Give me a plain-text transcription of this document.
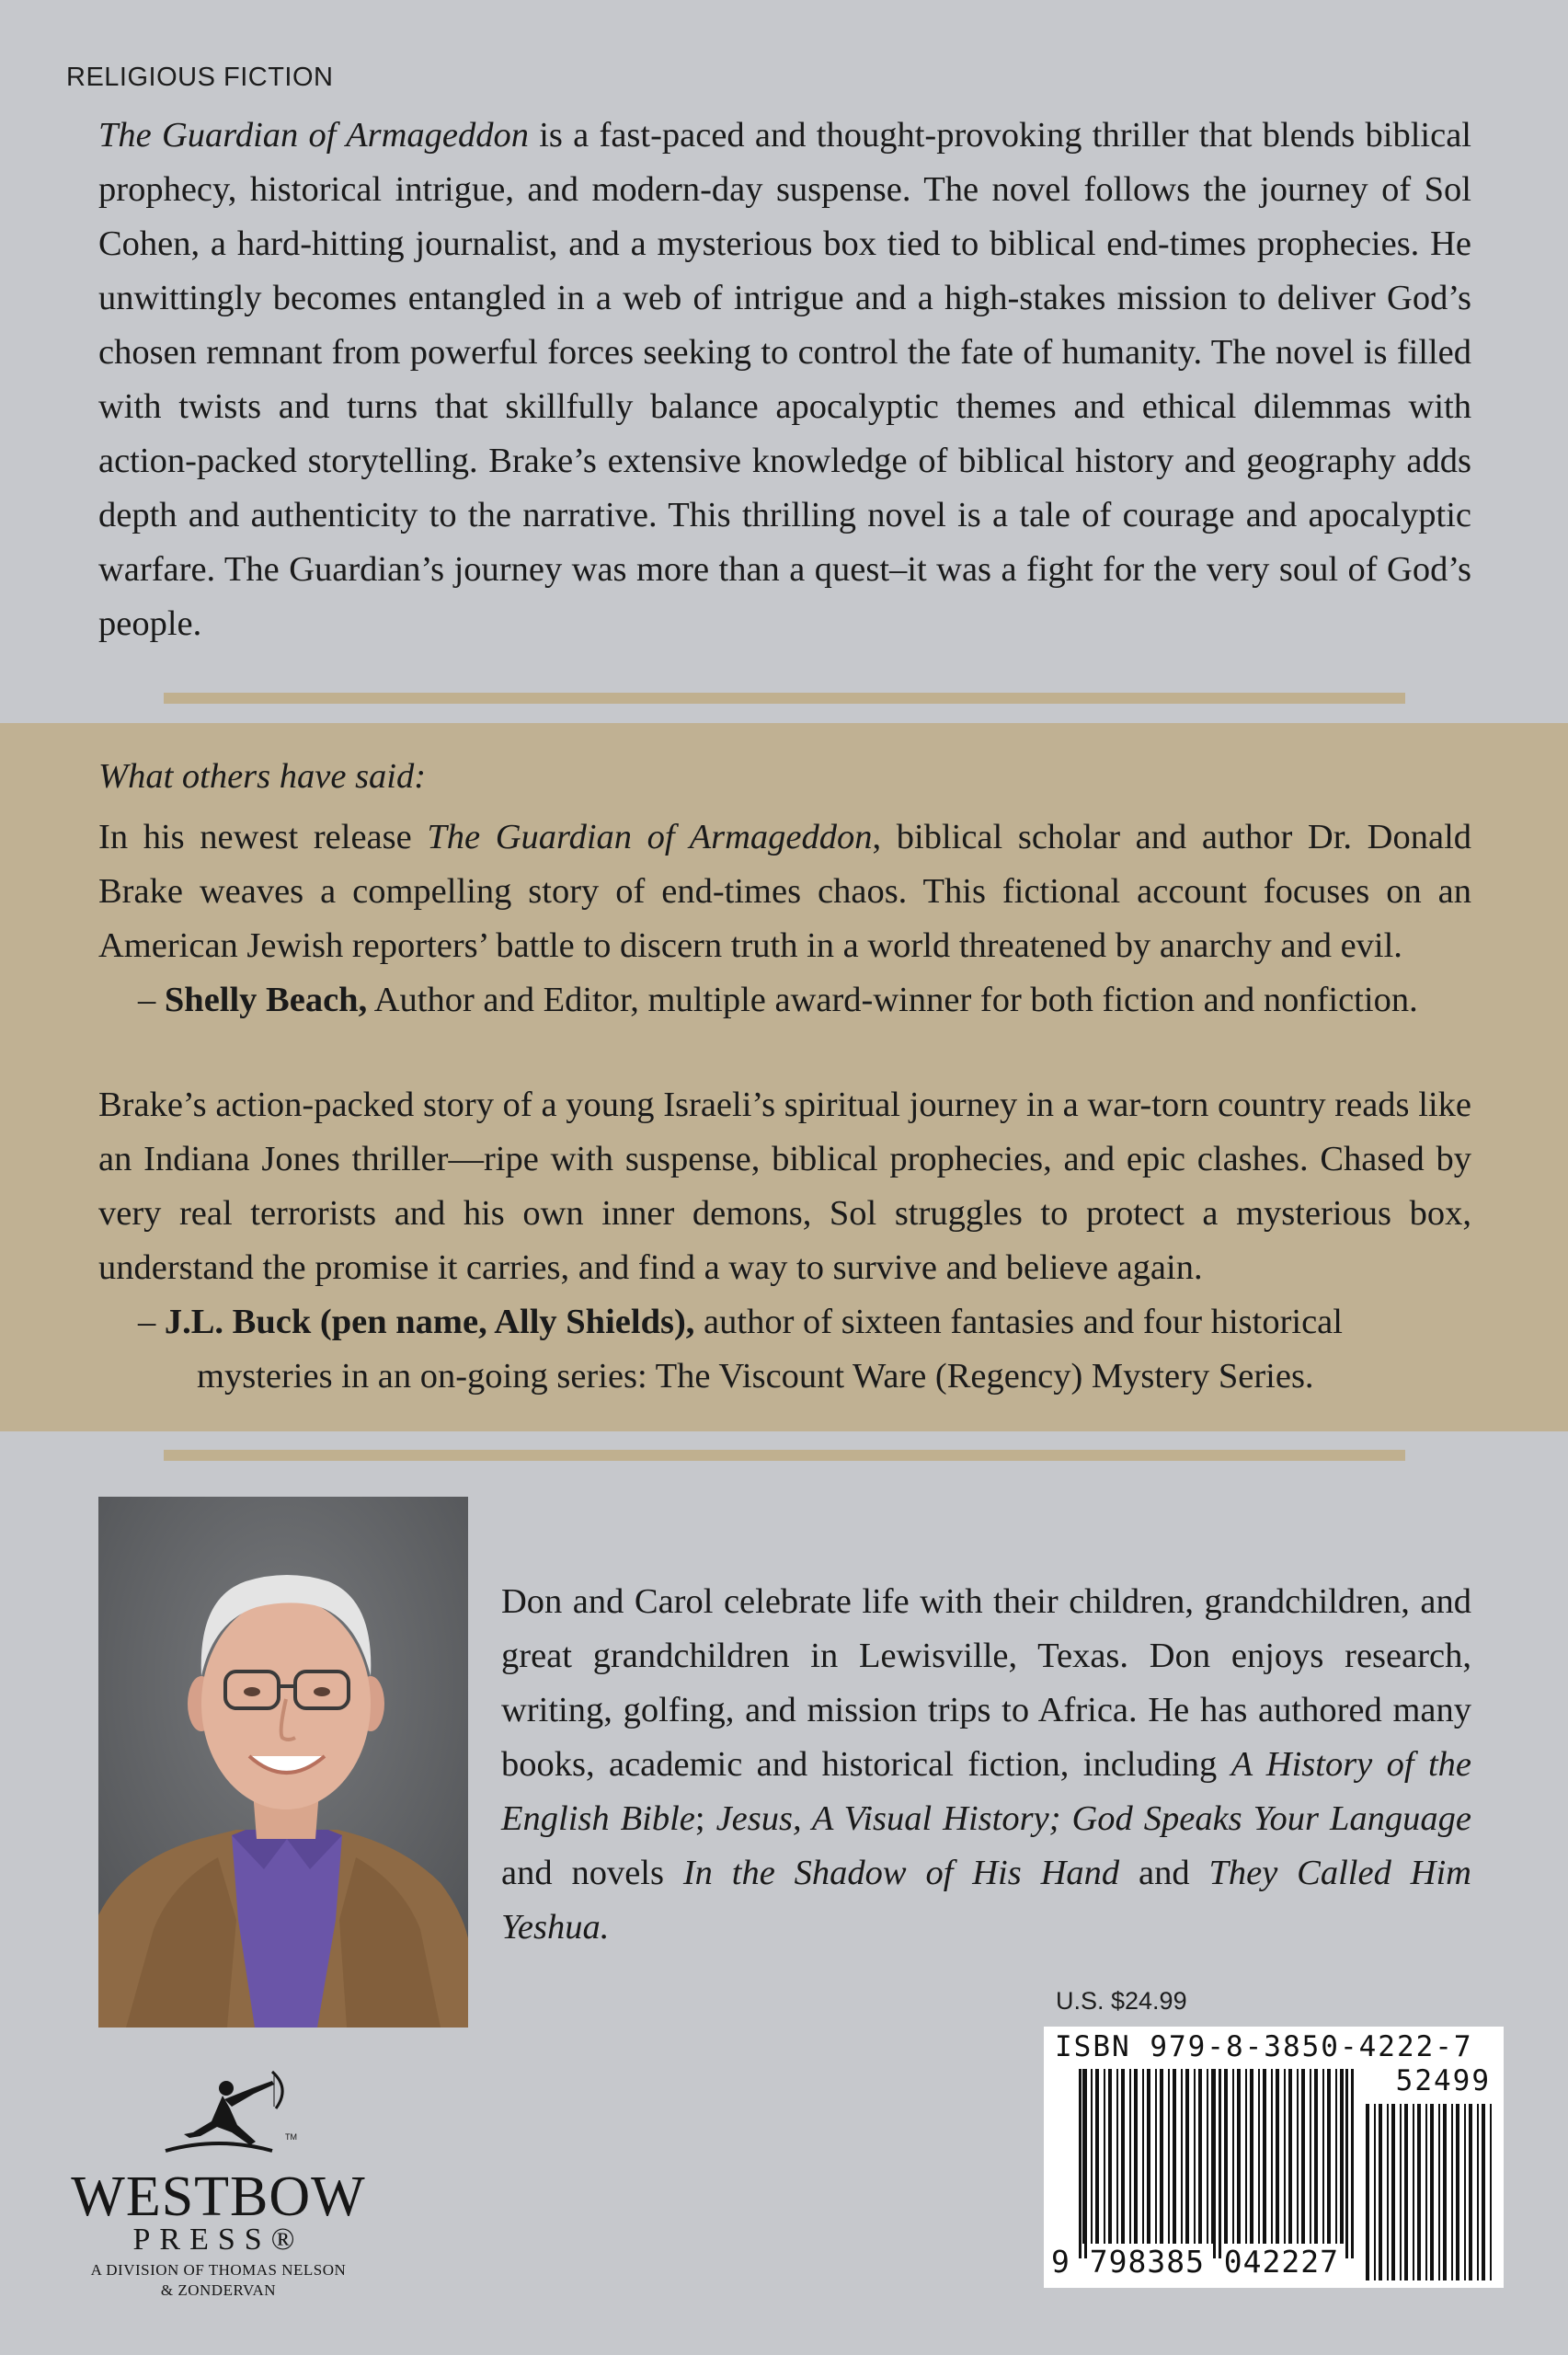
RELIGIOUS FICTION

The Guardian of Armageddon is a fast-paced and thought-provoking thriller that blends biblical prophecy, historical intrigue, and modern-day suspense. The novel follows the journey of Sol Cohen, a hard-hitting journalist, and a mysterious box tied to biblical end-times prophecies. He unwittingly becomes entangled in a web of intrigue and a high-stakes mission to deliver God’s chosen remnant from powerful forces seeking to control the fate of humanity. The novel is filled with twists and turns that skillfully balance apocalyptic themes and ethical dilemmas with action-packed storytelling. Brake’s extensive knowledge of biblical history and geography adds depth and authenticity to the narrative. This thrilling novel is a tale of courage and apocalyptic warfare. The Guardian’s journey was more than a quest–it was a fight for the very soul of God’s people.

What others have said:

In his newest release The Guardian of Armageddon, biblical scholar and author Dr. Donald Brake weaves a compelling story of end-times chaos. This fictional account focuses on an American Jewish reporters’ battle to discern truth in a world threatened by anarchy and evil.

– Shelly Beach, Author and Editor, multiple award-winner for both fiction and nonfiction.

Brake’s action-packed story of a young Israeli’s spiritual journey in a war-torn country reads like an Indiana Jones thriller—ripe with suspense, biblical prophecies, and epic clashes. Chased by very real terrorists and his own inner demons, Sol struggles to protect a mysterious box, understand the promise it carries, and find a way to survive and believe again.

– J.L. Buck (pen name, Ally Shields), author of sixteen fantasies and four historical mysteries in an on-going series: The Viscount Ware (Regency) Mystery Series.

Don and Carol celebrate life with their children, grandchildren, and great grandchildren in Lewisville, Texas. Don enjoys research, writing, golfing, and mission trips to Africa. He has authored many books, academic and historical fiction, including A History of the English Bible; Jesus, A Visual History; God Speaks Your Language and novels In the Shadow of His Hand and They Called Him Yeshua.

U.S. $24.99
ISBN 979-8-3850-4222-7
52499
9 798385 042227
TM
WESTBOW
PRESS®
A DIVISION OF THOMAS NELSON
& ZONDERVAN
